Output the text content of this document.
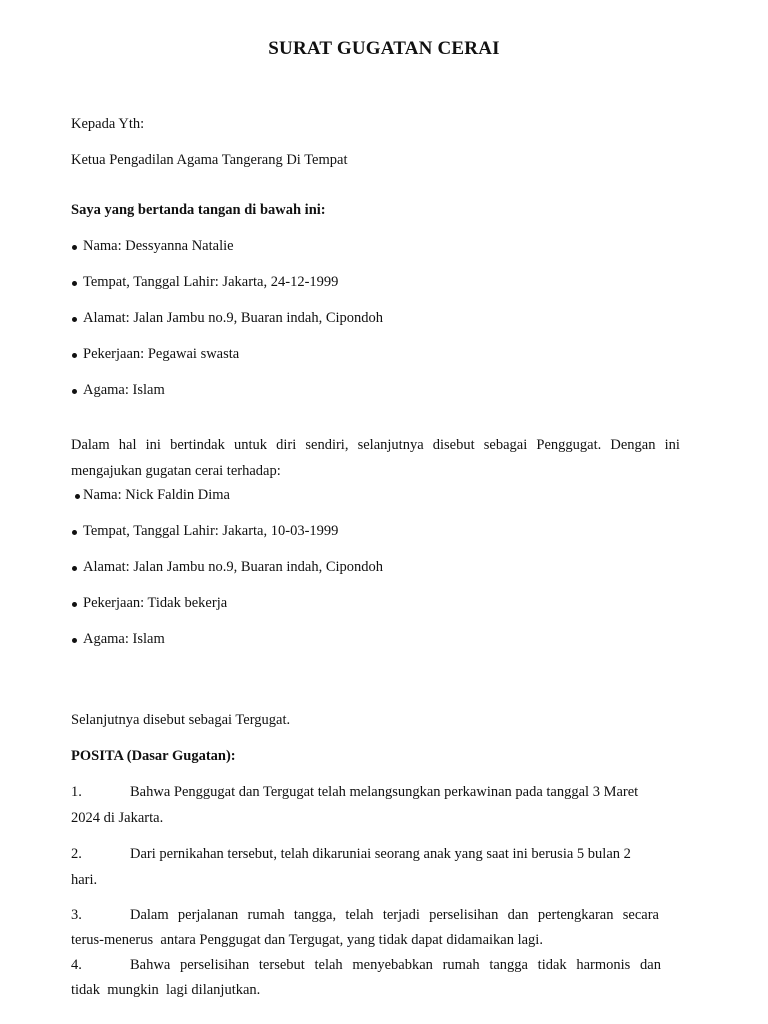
SURAT GUGATAN CERAI
Kepada Yth:
Ketua Pengadilan Agama Tangerang Di Tempat
Saya yang bertanda tangan di bawah ini:
Nama: Dessyanna Natalie
Tempat, Tanggal Lahir: Jakarta, 24-12-1999
Alamat: Jalan Jambu no.9, Buaran indah, Cipondoh
Pekerjaan: Pegawai swasta
Agama: Islam
Dalam hal ini bertindak untuk diri sendiri, selanjutnya disebut sebagai Penggugat. Dengan ini
mengajukan gugatan cerai terhadap:
Nama: Nick Faldin Dima
Tempat, Tanggal Lahir: Jakarta, 10-03-1999
Alamat: Jalan Jambu no.9, Buaran indah, Cipondoh
Pekerjaan: Tidak bekerja
Agama: Islam
Selanjutnya disebut sebagai Tergugat.
POSITA (Dasar Gugatan):
1.	Bahwa Penggugat dan Tergugat telah melangsungkan perkawinan pada tanggal 3 Maret
2024 di Jakarta.
2.	Dari pernikahan tersebut, telah dikaruniai seorang anak yang saat ini berusia 5 bulan 2
hari.
3.	Dalam perjalanan rumah tangga, telah terjadi perselisihan dan pertengkaran secara
terus-menerus  antara Penggugat dan Tergugat, yang tidak dapat didamaikan lagi.
4.	Bahwa perselisihan tersebut telah menyebabkan rumah tangga tidak harmonis dan
tidak  mungkin  lagi dilanjutkan.
